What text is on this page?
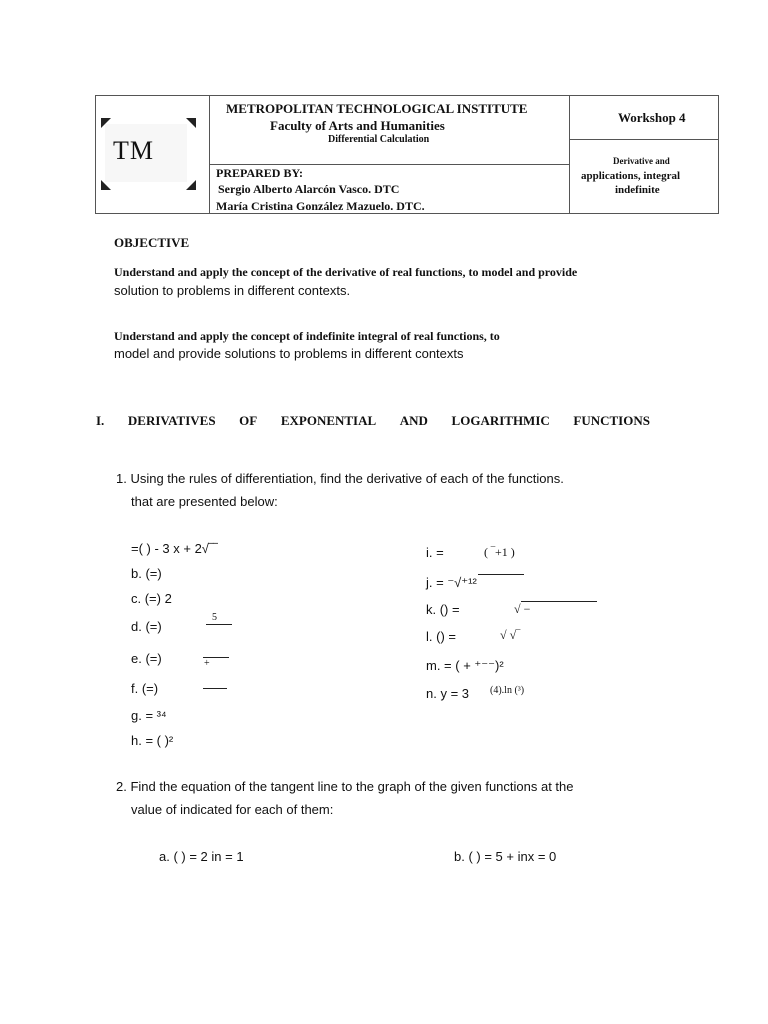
TM
METROPOLITAN TECHNOLOGICAL INSTITUTE
Faculty of Arts and Humanities
Differential Calculation
PREPARED BY:
Sergio Alberto Alarcón Vasco. DTC
María Cristina González Mazuelo. DTC.
Workshop 4
Derivative and
applications, integral
indefinite
OBJECTIVE
Understand and apply the concept of the derivative of real functions, to model and provide
solution to problems in different contexts.
Understand and apply the concept of indefinite integral of real functions, to
model and provide solutions to problems in different contexts
I. DERIVATIVES OF EXPONENTIAL AND LOGARITHMIC FUNCTIONS
1. Using the rules of differentiation, find the derivative of each of the functions.
that are presented below:
=( ) - 3 x + 2√‾‾
b. (=)
c. (=) 2
d. (=)
5
e. (=)	+
f. (=)
g. = ³⁴
h. = ( )²
i. =	( ‾+1 )
j. = ⁻√⁺¹²
k. () =	√ −
l. () =	√ √‾
m. = ( + ⁺⁻⁻)²
n. y = 3 (4).ln (³)
2. Find the equation of the tangent line to the graph of the given functions at the
value of indicated for each of them:
a. ( ) = 2 in = 1	b. ( ) = 5 + inx = 0
